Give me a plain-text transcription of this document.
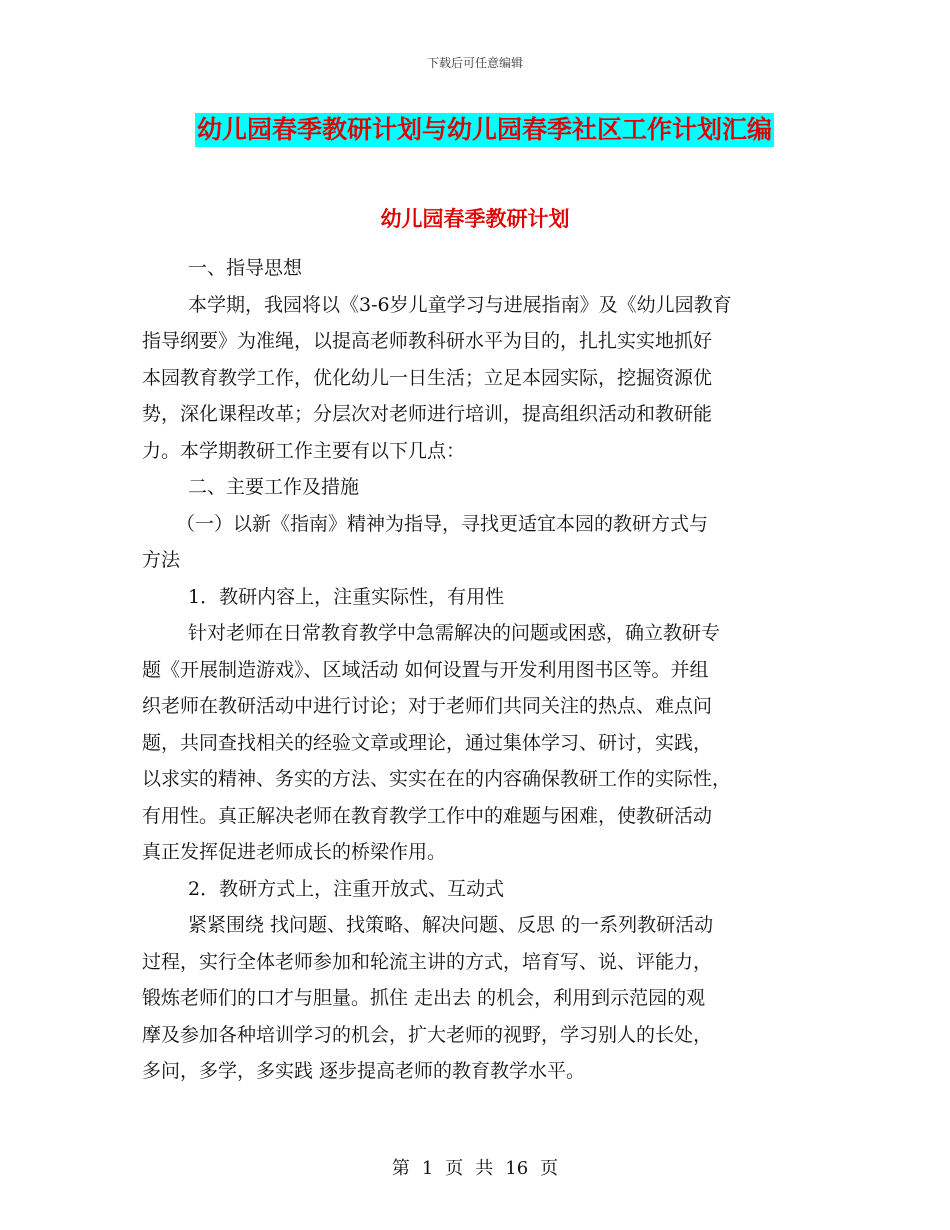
下载后可任意编辑
幼儿园春季教研计划与幼儿园春季社区工作计划汇编
幼儿园春季教研计划
一、指导思想
本学期，我园将以《3-6岁儿童学习与进展指南》及《幼儿园教育
指导纲要》为准绳，以提高老师教科研水平为目的，扎扎实实地抓好
本园教育教学工作，优化幼儿一日生活；立足本园实际，挖掘资源优
势，深化课程改革；分层次对老师进行培训，提高组织活动和教研能
力。本学期教研工作主要有以下几点：
二、主要工作及措施
（一）以新《指南》精神为指导，寻找更适宜本园的教研方式与
方法
1．教研内容上，注重实际性，有用性
针对老师在日常教育教学中急需解决的问题或困惑，确立教研专
题《开展制造游戏》、区域活动 如何设置与开发利用图书区等。并组
织老师在教研活动中进行讨论；对于老师们共同关注的热点、难点问
题，共同查找相关的经验文章或理论，通过集体学习、研讨，实践，
以求实的精神、务实的方法、实实在在的内容确保教研工作的实际性，
有用性。真正解决老师在教育教学工作中的难题与困难，使教研活动
真正发挥促进老师成长的桥梁作用。
2．教研方式上，注重开放式、互动式
紧紧围绕 找问题、找策略、解决问题、反思 的一系列教研活动
过程，实行全体老师参加和轮流主讲的方式，培育写、说、评能力，
锻炼老师们的口才与胆量。抓住 走出去 的机会，利用到示范园的观
摩及参加各种培训学习的机会，扩大老师的视野，学习别人的长处，
多问，多学，多实践 逐步提高老师的教育教学水平。
第 1 页 共 16 页
